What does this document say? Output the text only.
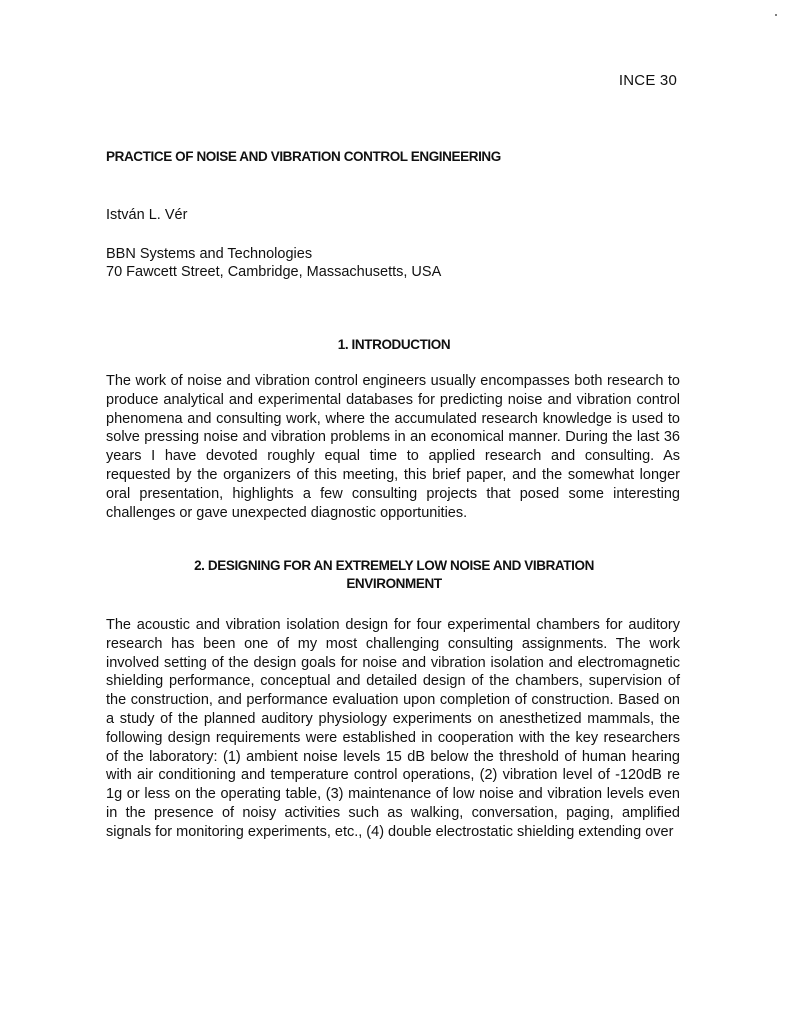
INCE 30
PRACTICE OF NOISE AND VIBRATION CONTROL ENGINEERING
István L. Vér
BBN Systems and Technologies
70 Fawcett Street, Cambridge, Massachusetts, USA
1. INTRODUCTION

The work of noise and vibration control engineers usually encompasses both research to produce analytical and experimental databases for predicting noise and vibration control phenomena and consulting work, where the accumulated research knowledge is used to solve pressing noise and vibration problems in an economical manner. During the last 36 years I have devoted roughly equal time to applied research and consulting. As requested by the organizers of this meeting, this brief paper, and the somewhat longer oral presentation, highlights a few consulting projects that posed some interesting challenges or gave unexpected diagnostic opportunities.

2. DESIGNING FOR AN EXTREMELY LOW NOISE AND VIBRATION
ENVIRONMENT

The acoustic and vibration isolation design for four experimental chambers for auditory research has been one of my most challenging consulting assignments. The work involved setting of the design goals for noise and vibration isolation and electromagnetic shielding performance, conceptual and detailed design of the chambers, supervision of the construction, and performance evaluation upon completion of construction. Based on a study of the planned auditory physiology experiments on anesthetized mammals, the following design requirements were established in cooperation with the key researchers of the laboratory: (1) ambient noise levels 15 dB below the threshold of human hearing with air conditioning and temperature control operations, (2) vibration level of -120dB re 1g or less on the operating table, (3) maintenance of low noise and vibration levels even in the presence of noisy activities such as walking, conversation, paging, amplified signals for monitoring experiments, etc., (4) double electrostatic shielding extending over
